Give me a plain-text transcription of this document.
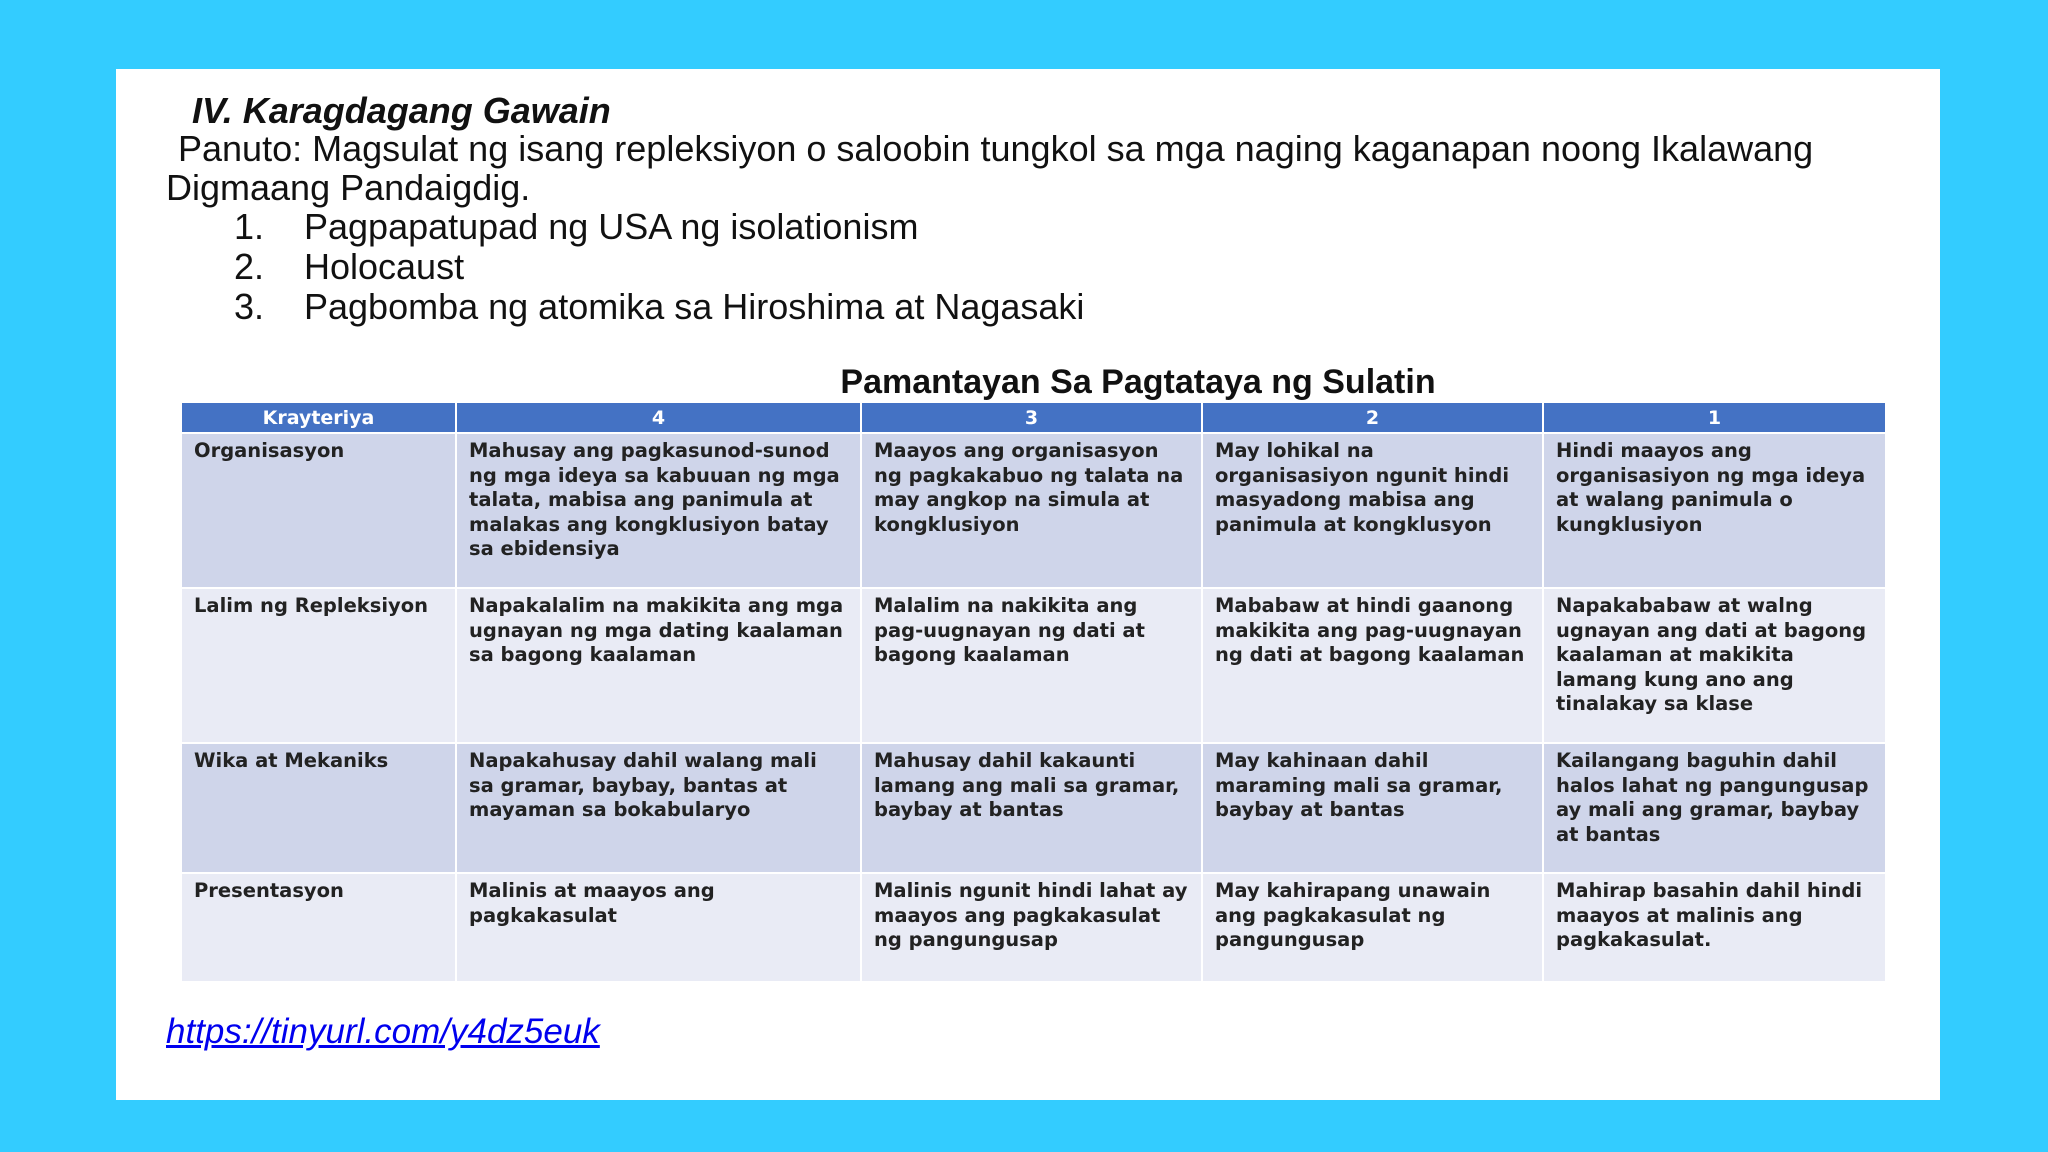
IV. Karagdagang Gawain

Panuto: Magsulat ng isang repleksiyon o saloobin tungkol sa mga naging kaganapan noong Ikalawang Digmaang Pandaigdig.

1. Pagpapatupad ng USA ng isolationism
2. Holocaust
3. Pagbomba ng atomika sa Hiroshima at Nagasaki
Pamantayan Sa Pagtataya ng Sulatin
Krayteriya	4	3	2	1
Organisasyon	Mahusay ang pagkasunod-sunod ng mga ideya sa kabuuan ng mga talata, mabisa ang panimula at malakas ang kongklusiyon batay sa ebidensiya	Maayos ang organisasyon ng pagkakabuo ng talata na may angkop na simula at kongklusiyon	May lohikal na organisasiyon ngunit hindi masyadong mabisa ang panimula at kongklusyon	Hindi maayos ang organisasiyon ng mga ideya at walang panimula o kungklusiyon
Lalim ng Repleksiyon	Napakalalim na makikita ang mga ugnayan ng mga dating kaalaman sa bagong kaalaman	Malalim na nakikita ang pag-uugnayan ng dati at bagong kaalaman	Mababaw at hindi gaanong makikita ang pag-uugnayan ng dati at bagong kaalaman	Napakababaw at walng ugnayan ang dati at bagong kaalaman at makikita lamang kung ano ang tinalakay sa klase
Wika at Mekaniks	Napakahusay dahil walang mali sa gramar, baybay, bantas at mayaman sa bokabularyo	Mahusay dahil kakaunti lamang ang mali sa gramar, baybay at bantas	May kahinaan dahil maraming mali sa gramar, baybay at bantas	Kailangang baguhin dahil halos lahat ng pangungusap ay mali ang gramar, baybay at bantas
Presentasyon	Malinis at maayos ang pagkakasulat	Malinis ngunit hindi lahat ay maayos ang pagkakasulat ng pangungusap	May kahirapang unawain ang pagkakasulat ng pangungusap	Mahirap basahin dahil hindi maayos at malinis ang pagkakasulat.
https://tinyurl.com/y4dz5euk
